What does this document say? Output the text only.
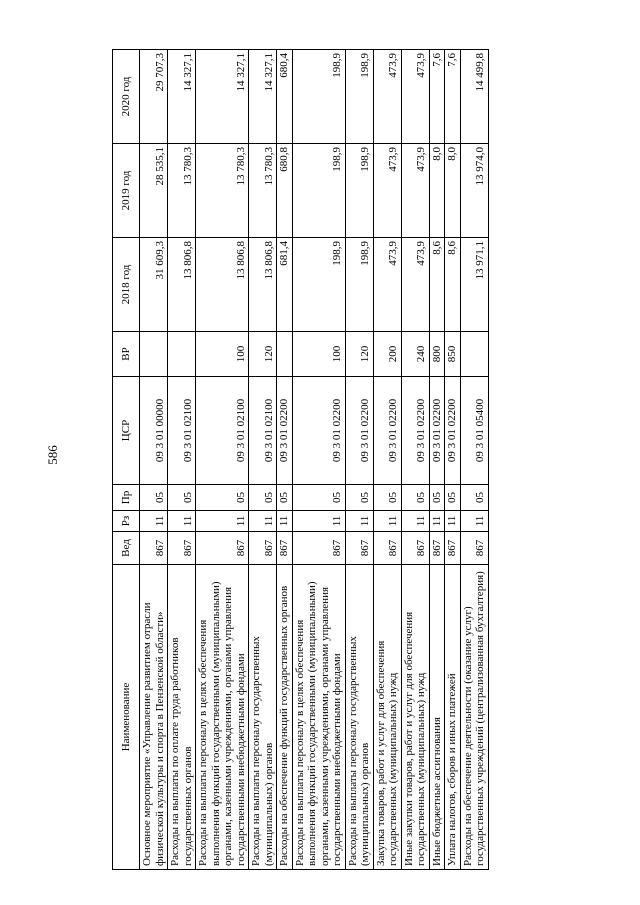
586
Наименование	Вед	Рз	Пр	ЦСР	ВР	2018 год	2019 год	2020 год
Основное мероприятие «Управление развитием отрасли физической культуры и спорта в Пензенской области»	867	11	05	09 3 01 00000		31 609,3	28 535,1	29 707,3
Расходы на выплаты по оплате труда работников государственных органов	867	11	05	09 3 01 02100		13 806,8	13 780,3	14 327,1
Расходы на выплаты персоналу в целях обеспечения выполнения функций государственными (муниципальными) органами, казенными учреждениями, органами управления государственными внебюджетными фондами	867	11	05	09 3 01 02100	100	13 806,8	13 780,3	14 327,1
Расходы на выплаты персоналу государственных (муниципальных) органов	867	11	05	09 3 01 02100	120	13 806,8	13 780,3	14 327,1
Расходы на обеспечение функций государственных органов	867	11	05	09 3 01 02200		681,4	680,8	680,4
Расходы на выплаты персоналу в целях обеспечения выполнения функций государственными (муниципальными) органами, казенными учреждениями, органами управления государственными внебюджетными фондами	867	11	05	09 3 01 02200	100	198,9	198,9	198,9
Расходы на выплаты персоналу государственных (муниципальных) органов	867	11	05	09 3 01 02200	120	198,9	198,9	198,9
Закупка товаров, работ и услуг для обеспечения государственных (муниципальных) нужд	867	11	05	09 3 01 02200	200	473,9	473,9	473,9
Иные закупки товаров, работ и услуг для обеспечения государственных (муниципальных) нужд	867	11	05	09 3 01 02200	240	473,9	473,9	473,9
Иные бюджетные ассигнования	867	11	05	09 3 01 02200	800	8,6	8,0	7,6
Уплата налогов, сборов и иных платежей	867	11	05	09 3 01 02200	850	8,6	8,0	7,6
Расходы на обеспечение деятельности (оказание услуг) государственных учреждений (централизованная бухгалтерия)	867	11	05	09 3 01 05400		13 971,1	13 974,0	14 499,8
